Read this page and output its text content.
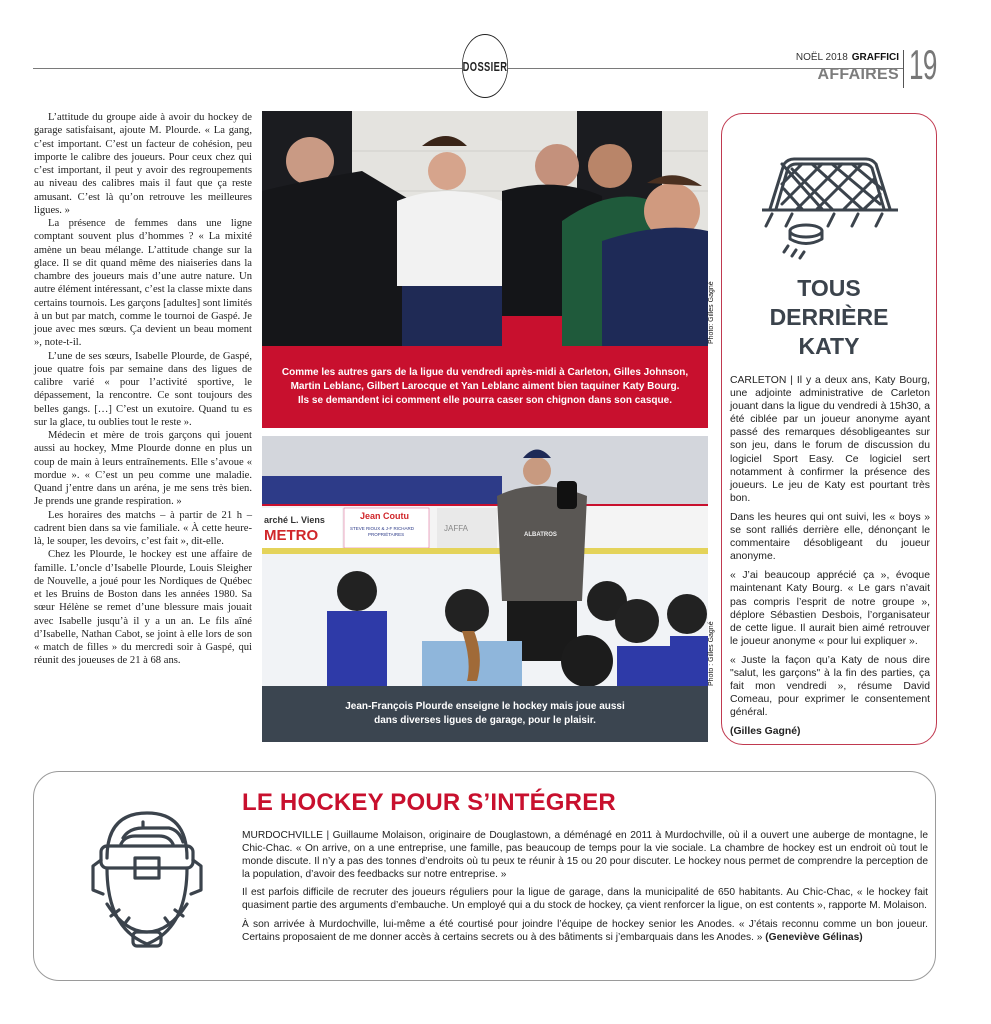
DOSSIER
NOËL 2018 GRAFFICI
AFFAIRES 19

L’attitude du groupe aide à avoir du hockey de garage satisfaisant, ajoute M. Plourde. « La gang, c’est important. C’est un facteur de cohésion, peu importe le calibre des joueurs. Pour ceux chez qui c’est important, il peut y avoir des regroupements au niveau des calibres mais il faut que ça reste amusant. C’est là qu’on retrouve les meilleures ligues. »

La présence de femmes dans une ligne comptant souvent plus d’hommes ? « La mixité amène un beau mélange. L’attitude change sur la glace. Il se dit quand même des niaiseries dans la chambre des joueurs mais d’une autre nature. Un autre élément intéressant, c’est la classe mixte dans certains tournois. Les garçons [adultes] sont limités à un but par match, comme le tournoi de Gaspé. Je joue avec mes sœurs. Ça devient un beau moment », note-t-il.

L’une de ses sœurs, Isabelle Plourde, de Gaspé, joue quatre fois par semaine dans des ligues de calibre varié « pour l’activité sportive, le dépassement, la rencontre. Ce sont toujours des belles gangs. […] C’est un exutoire. Quand tu es sur la glace, tu oublies tout le reste ».

Médecin et mère de trois garçons qui jouent aussi au hockey, Mme Plourde donne en plus un coup de main à leurs entraînements. Elle s’avoue « mordue ». « C’est un peu comme une maladie. Quand j’entre dans un aréna, je me sens très bien. Je prends une grande respiration. »

Les horaires des matchs – à partir de 21 h – cadrent bien dans sa vie familiale. « À cette heure-là, le souper, les devoirs, c’est fait », dit-elle.

Chez les Plourde, le hockey est une affaire de famille. L’oncle d’Isabelle Plourde, Louis Sleigher de Nouvelle, a joué pour les Nordiques de Québec et les Bruins de Boston dans les années 1980. Sa sœur Hélène se remet d’une blessure mais jouait avec Isabelle jusqu’à il y a un an. Le fils aîné d’Isabelle, Nathan Cabot, se joint à elle lors de son « match de filles » du mercredi soir à Gaspé, qui réunit des joueuses de 21 à 68 ans.

Photo: Gilles Gagné
Comme les autres gars de la ligue du vendredi après-midi à Carleton, Gilles Johnson,
Martin Leblanc, Gilbert Larocque et Yan Leblanc aiment bien taquiner Katy Bourg.
Ils se demandent ici comment elle pourra caser son chignon dans son casque.
arché L. Viens
METRO
Jean Coutu
STEVE RIOUX & J-F RICHARD
PROPRIÉTAIRES
JAFFA
ALBATROS
Photo : Gilles Gagné
Jean-François Plourde enseigne le hockey mais joue aussi
dans diverses ligues de garage, pour le plaisir.
TOUS
DERRIÈRE
KATY

CARLETON | Il y a deux ans, Katy Bourg, une adjointe administrative de Carleton jouant dans la ligue du vendredi à 15h30, a été ciblée par un joueur anonyme ayant passé des remarques désobligeantes sur son jeu, dans le forum de discussion du logiciel Sport Easy. Ce logiciel sert notamment à confirmer la présence des joueurs. Le jeu de Katy est pourtant très bon.

Dans les heures qui ont suivi, les « boys » se sont ralliés derrière elle, dénonçant le commentaire désobligeant du joueur anonyme.

« J’ai beaucoup apprécié ça », évoque maintenant Katy Bourg. « Le gars n’avait pas compris l’esprit de notre groupe », déplore Sébastien Desbois, l’organisateur de cette ligue. Il aurait bien aimé retrouver le joueur anonyme « pour lui expliquer ».

« Juste la façon qu’a Katy de nous dire "salut, les garçons" à la fin des parties, ça fait mon vendredi », résume David Comeau, pour exprimer le consentement général.

(Gilles Gagné)

LE HOCKEY POUR S’INTÉGRER

MURDOCHVILLE | Guillaume Molaison, originaire de Douglastown, a déménagé en 2011 à Murdochville, où il a ouvert une auberge de montagne, le Chic-Chac. « On arrive, on a une entreprise, une famille, pas beaucoup de temps pour la vie sociale. La chambre de hockey est un endroit où tout le monde discute. Il n’y a pas des tonnes d’endroits où tu peux te réunir à 15 ou 20 pour discuter. Le hockey nous permet de comprendre la perception de la population, d’avoir des feedbacks sur notre entreprise. »

Il est parfois difficile de recruter des joueurs réguliers pour la ligue de garage, dans la municipalité de 650 habitants. Au Chic-Chac, « le hockey fait quasiment partie des arguments d’embauche. Un employé qui a du stock de hockey, ça vient renforcer la ligue, on est contents », rapporte M. Molaison.

À son arrivée à Murdochville, lui-même a été courtisé pour joindre l’équipe de hockey senior les Anodes. « J’étais reconnu comme un bon joueur. Certains proposaient de me donner accès à certains secrets ou à des bâtiments si j’embarquais dans les Anodes. » (Geneviève Gélinas)
